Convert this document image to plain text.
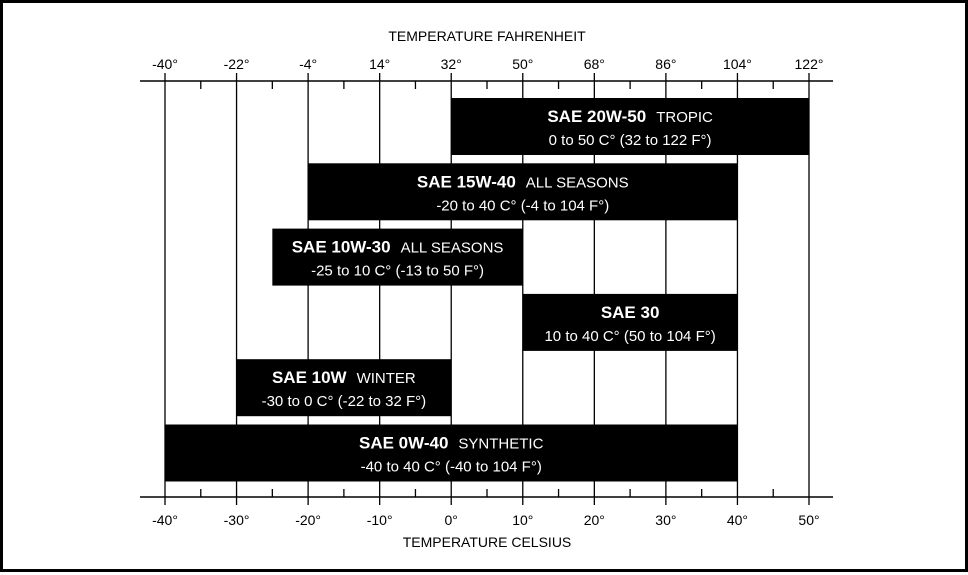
TEMPERATURE FAHRENHEIT
TEMPERATURE CELSIUS
-40°	-22°	-4°	14°	32°	50°	68°	86°	104°	122°
-40°	-30°	-20°	-10°	0°	10°	20°	30°	40°	50°
SAE 20W-50 TROPIC
0 to 50 C° (32 to 122 F°)
SAE 15W-40 ALL SEASONS
-20 to 40 C° (-4 to 104 F°)
SAE 10W-30 ALL SEASONS
-25 to 10 C° (-13 to 50 F°)
SAE 30
10 to 40 C° (50 to 104 F°)
SAE 10W WINTER
-30 to 0 C° (-22 to 32 F°)
SAE 0W-40 SYNTHETIC
-40 to 40 C° (-40 to 104 F°)
